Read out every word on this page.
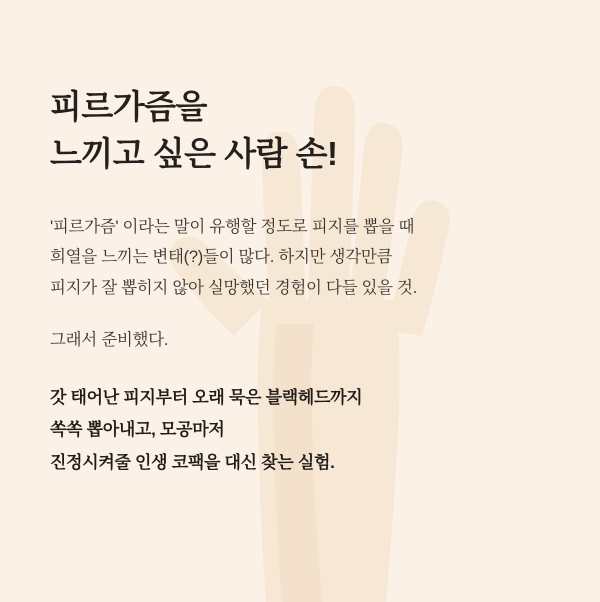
피르가즘을
느끼고 싶은 사람 손!

'피르가즘' 이라는 말이 유행할 정도로 피지를 뽑을 때
희열을 느끼는 변태(?)들이 많다. 하지만 생각만큼
피지가 잘 뽑히지 않아 실망했던 경험이 다들 있을 것.

그래서 준비했다.

갓 태어난 피지부터 오래 묵은 블랙헤드까지
쏙쏙 뽑아내고, 모공마저
진정시켜줄 인생 코팩을 대신 찾는 실험.
